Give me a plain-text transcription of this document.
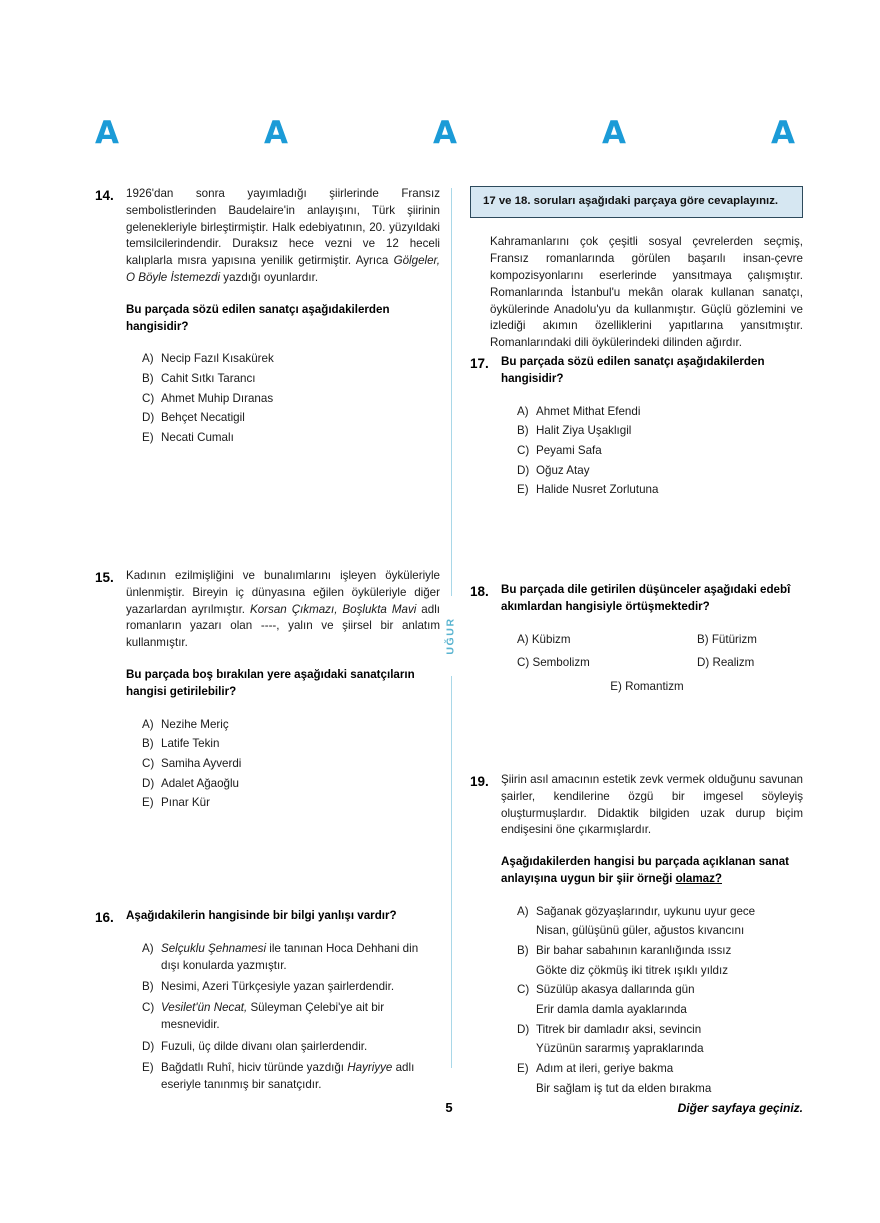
A	A	A	A	A
UĞUR
14.	1926'dan sonra yayımladığı şiirlerinde Fransız sembolistlerinden Baudelaire'in anlayışını, Türk şiirinin gelenekleriyle birleştirmiştir. Halk edebiyatının, 20. yüzyıldaki temsilcilerindendir. Duraksız hece vezni ve 12 heceli kalıplarla mısra yapısına yenilik getirmiştir. Ayrıca Gölgeler, O Böyle İstemezdi yazdığı oyunlardır.

Bu parçada sözü edilen sanatçı aşağıdakilerden hangisidir?

A) Necip Fazıl Kısakürek
B) Cahit Sıtkı Tarancı
C) Ahmet Muhip Dıranas
D) Behçet Necatigil
E) Necati Cumalı
15.	Kadının ezilmişliğini ve bunalımlarını işleyen öyküleriyle ünlenmiştir. Bireyin iç dünyasına eğilen öyküleriyle diğer yazarlardan ayrılmıştır. Korsan Çıkmazı, Boşlukta Mavi adlı romanların yazarı olan ----, yalın ve şiirsel bir anlatım kullanmıştır.

Bu parçada boş bırakılan yere aşağıdaki sanatçıların hangisi getirilebilir?

A) Nezihe Meriç
B) Latife Tekin
C) Samiha Ayverdi
D) Adalet Ağaoğlu
E) Pınar Kür
16.	Aşağıdakilerin hangisinde bir bilgi yanlışı vardır?

A) Selçuklu Şehnamesi ile tanınan Hoca Dehhani din dışı konularda yazmıştır.
B) Nesimi, Azeri Türkçesiyle yazan şairlerdendir.
C) Vesilet'ün Necat, Süleyman Çelebi'ye ait bir mesnevidir.
D) Fuzuli, üç dilde divanı olan şairlerdendir.
E) Bağdatlı Ruhî, hiciv türünde yazdığı Hayriyye adlı eseriyle tanınmış bir sanatçıdır.
17 ve 18. soruları aşağıdaki parçaya göre cevaplayınız.

Kahramanlarını çok çeşitli sosyal çevrelerden seçmiş, Fransız romanlarında görülen başarılı insan-çevre kompozisyonlarını eserlerinde yansıtmaya çalışmıştır. Romanlarında İstanbul'u mekân olarak kullanan sanatçı, öykülerinde Anadolu'yu da kullanmıştır. Güçlü gözlemini ve izlediği akımın özelliklerini yapıtlarına yansıtmıştır. Romanlarındaki dili öykülerindeki dilinden ağırdır.

17.	Bu parçada sözü edilen sanatçı aşağıdakilerden hangisidir?

A) Ahmet Mithat Efendi
B) Halit Ziya Uşaklıgil
C) Peyami Safa
D) Oğuz Atay
E) Halide Nusret Zorlutuna
18.	Bu parçada dile getirilen düşünceler aşağıdaki edebî akımlardan hangisiyle örtüşmektedir?

A) Kübizm	B) Fütürizm
C) Sembolizm	D) Realizm
E) Romantizm
19.	Şiirin asıl amacının estetik zevk vermek olduğunu savunan şairler, kendilerine özgü bir imgesel söyleyiş oluşturmuşlardır. Didaktik bilgiden uzak durup biçim endişesini öne çıkarmışlardır.

Aşağıdakilerden hangisi bu parçada açıklanan sanat anlayışına uygun bir şiir örneği olamaz?

A) Sağanak gözyaşlarındır, uykunu uyur gece
Nisan, gülüşünü güler, ağustos kıvancını
B) Bir bahar sabahının karanlığında ıssız
Gökte diz çökmüş iki titrek ışıklı yıldız
C) Süzülüp akasya dallarında gün
Erir damla damla ayaklarında
D) Titrek bir damladır aksi, sevincin
Yüzünün sararmış yapraklarında
E) Adım at ileri, geriye bakma
Bir sağlam iş tut da elden bırakma
5	Diğer sayfaya geçiniz.
